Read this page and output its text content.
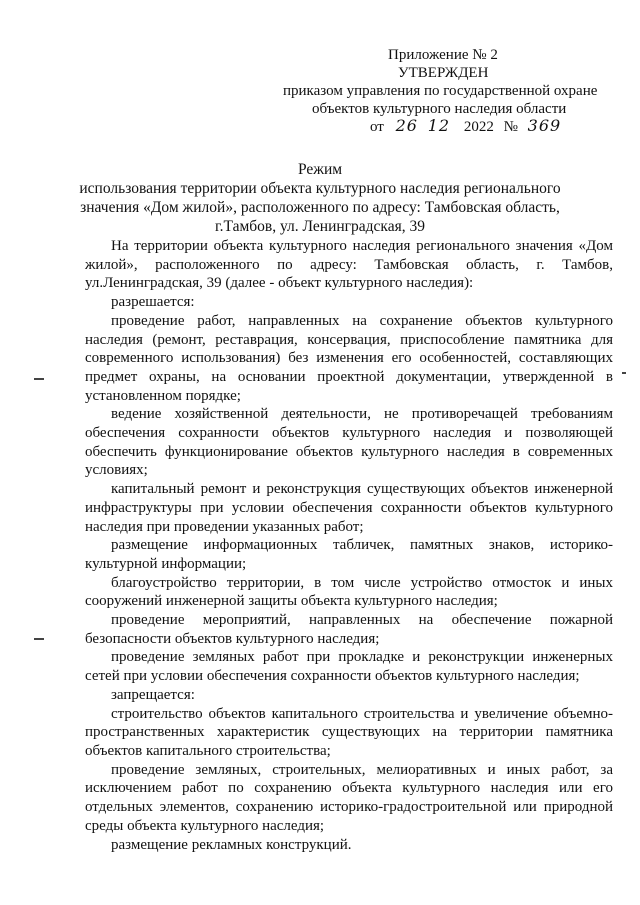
Приложение № 2
УТВЕРЖДЕН
приказом управления по государственной охране
объектов культурного наследия области
от 26 12 2022 № 369
Режим
использования территории объекта культурного наследия регионального
значения «Дом жилой», расположенного по адресу: Тамбовская область,
г.Тамбов, ул. Ленинградская, 39

На территории объекта культурного наследия регионального значения «Дом жилой», расположенного по адресу: Тамбовская область, г. Тамбов, ул.Ленинградская, 39 (далее - объект культурного наследия):

разрешается:

проведение работ, направленных на сохранение объектов культурного наследия (ремонт, реставрация, консервация, приспособление памятника для современного использования) без изменения его особенностей, составляющих предмет охраны, на основании проектной документации, утвержденной в установленном порядке;

ведение хозяйственной деятельности, не противоречащей требованиям обеспечения сохранности объектов культурного наследия и позволяющей обеспечить функционирование объектов культурного наследия в современных условиях;

капитальный ремонт и реконструкция существующих объектов инженерной инфраструктуры при условии обеспечения сохранности объектов культурного наследия при проведении указанных работ;

размещение информационных табличек, памятных знаков, историко-культурной информации;

благоустройство территории, в том числе устройство отмосток и иных сооружений инженерной защиты объекта культурного наследия;

проведение мероприятий, направленных на обеспечение пожарной безопасности объектов культурного наследия;

проведение земляных работ при прокладке и реконструкции инженерных сетей при условии обеспечения сохранности объектов культурного наследия;

запрещается:

строительство объектов капитального строительства и увеличение объемно-пространственных характеристик существующих на территории памятника объектов капитального строительства;

проведение земляных, строительных, мелиоративных и иных работ, за исключением работ по сохранению объекта культурного наследия или его отдельных элементов, сохранению историко-градостроительной или природной среды объекта культурного наследия;

размещение рекламных конструкций.
